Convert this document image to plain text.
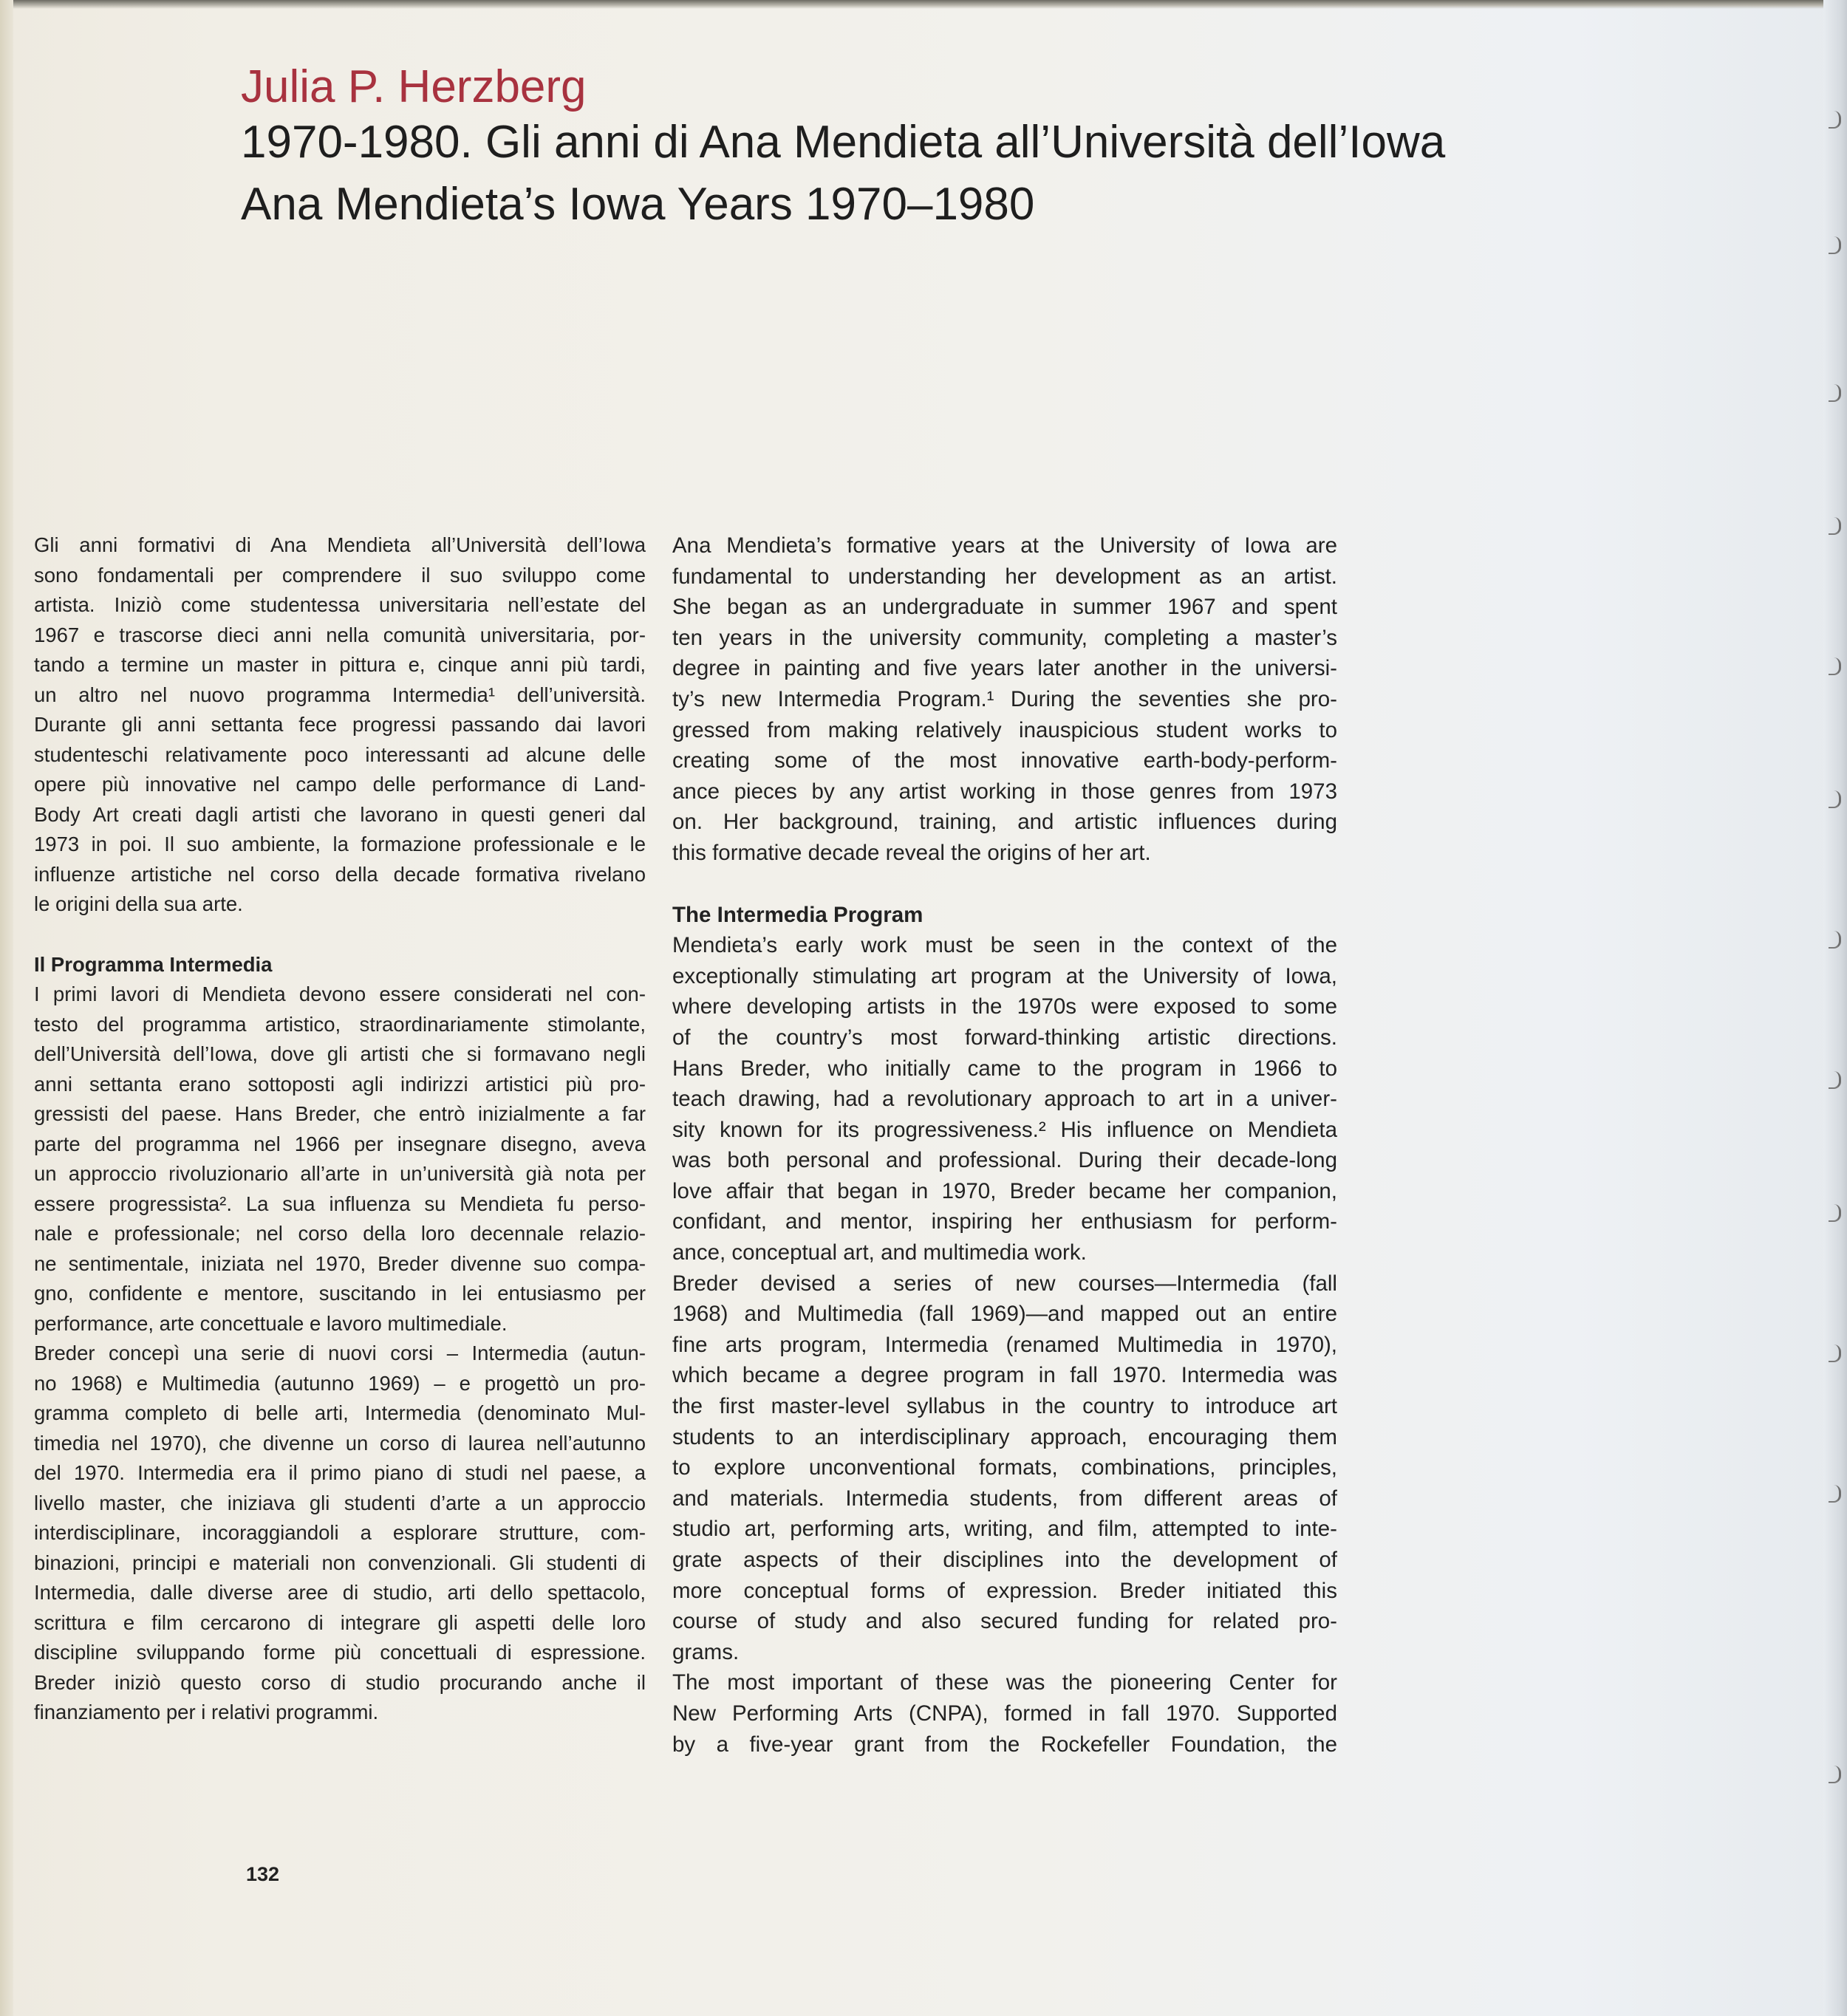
Julia P. Herzberg
1970-1980. Gli anni di Ana Mendieta all’Università dell’Iowa
Ana Mendieta’s Iowa Years 1970–1980
Gli anni formativi di Ana Mendieta all’Università dell’Iowa
sono fondamentali per comprendere il suo sviluppo come
artista. Iniziò come studentessa universitaria nell’estate del
1967 e trascorse dieci anni nella comunità universitaria, por-
tando a termine un master in pittura e, cinque anni più tardi,
un altro nel nuovo programma Intermedia¹ dell’università.
Durante gli anni settanta fece progressi passando dai lavori
studenteschi relativamente poco interessanti ad alcune delle
opere più innovative nel campo delle performance di Land-
Body Art creati dagli artisti che lavorano in questi generi dal
1973 in poi. Il suo ambiente, la formazione professionale e le
influenze artistiche nel corso della decade formativa rivelano
le origini della sua arte.
Il Programma Intermedia
I primi lavori di Mendieta devono essere considerati nel con-
testo del programma artistico, straordinariamente stimolante,
dell’Università dell’Iowa, dove gli artisti che si formavano negli
anni settanta erano sottoposti agli indirizzi artistici più pro-
gressisti del paese. Hans Breder, che entrò inizialmente a far
parte del programma nel 1966 per insegnare disegno, aveva
un approccio rivoluzionario all’arte in un’università già nota per
essere progressista². La sua influenza su Mendieta fu perso-
nale e professionale; nel corso della loro decennale relazio-
ne sentimentale, iniziata nel 1970, Breder divenne suo compa-
gno, confidente e mentore, suscitando in lei entusiasmo per
performance, arte concettuale e lavoro multimediale.
Breder concepì una serie di nuovi corsi – Intermedia (autun-
no 1968) e Multimedia (autunno 1969) – e progettò un pro-
gramma completo di belle arti, Intermedia (denominato Mul-
timedia nel 1970), che divenne un corso di laurea nell’autunno
del 1970. Intermedia era il primo piano di studi nel paese, a
livello master, che iniziava gli studenti d’arte a un approccio
interdisciplinare, incoraggiandoli a esplorare strutture, com-
binazioni, principi e materiali non convenzionali. Gli studenti di
Intermedia, dalle diverse aree di studio, arti dello spettacolo,
scrittura e film cercarono di integrare gli aspetti delle loro
discipline sviluppando forme più concettuali di espressione.
Breder iniziò questo corso di studio procurando anche il
finanziamento per i relativi programmi.
Ana Mendieta’s formative years at the University of Iowa are
fundamental to understanding her development as an artist.
She began as an undergraduate in summer 1967 and spent
ten years in the university community, completing a master’s
degree in painting and five years later another in the universi-
ty’s new Intermedia Program.¹ During the seventies she pro-
gressed from making relatively inauspicious student works to
creating some of the most innovative earth-body-perform-
ance pieces by any artist working in those genres from 1973
on. Her background, training, and artistic influences during
this formative decade reveal the origins of her art.
The Intermedia Program
Mendieta’s early work must be seen in the context of the
exceptionally stimulating art program at the University of Iowa,
where developing artists in the 1970s were exposed to some
of the country’s most forward-thinking artistic directions.
Hans Breder, who initially came to the program in 1966 to
teach drawing, had a revolutionary approach to art in a univer-
sity known for its progressiveness.² His influence on Mendieta
was both personal and professional. During their decade-long
love affair that began in 1970, Breder became her companion,
confidant, and mentor, inspiring her enthusiasm for perform-
ance, conceptual art, and multimedia work.
Breder devised a series of new courses—Intermedia (fall
1968) and Multimedia (fall 1969)—and mapped out an entire
fine arts program, Intermedia (renamed Multimedia in 1970),
which became a degree program in fall 1970. Intermedia was
the first master-level syllabus in the country to introduce art
students to an interdisciplinary approach, encouraging them
to explore unconventional formats, combinations, principles,
and materials. Intermedia students, from different areas of
studio art, performing arts, writing, and film, attempted to inte-
grate aspects of their disciplines into the development of
more conceptual forms of expression. Breder initiated this
course of study and also secured funding for related pro-
grams.
The most important of these was the pioneering Center for
New Performing Arts (CNPA), formed in fall 1970. Supported
by a five-year grant from the Rockefeller Foundation, the
132
